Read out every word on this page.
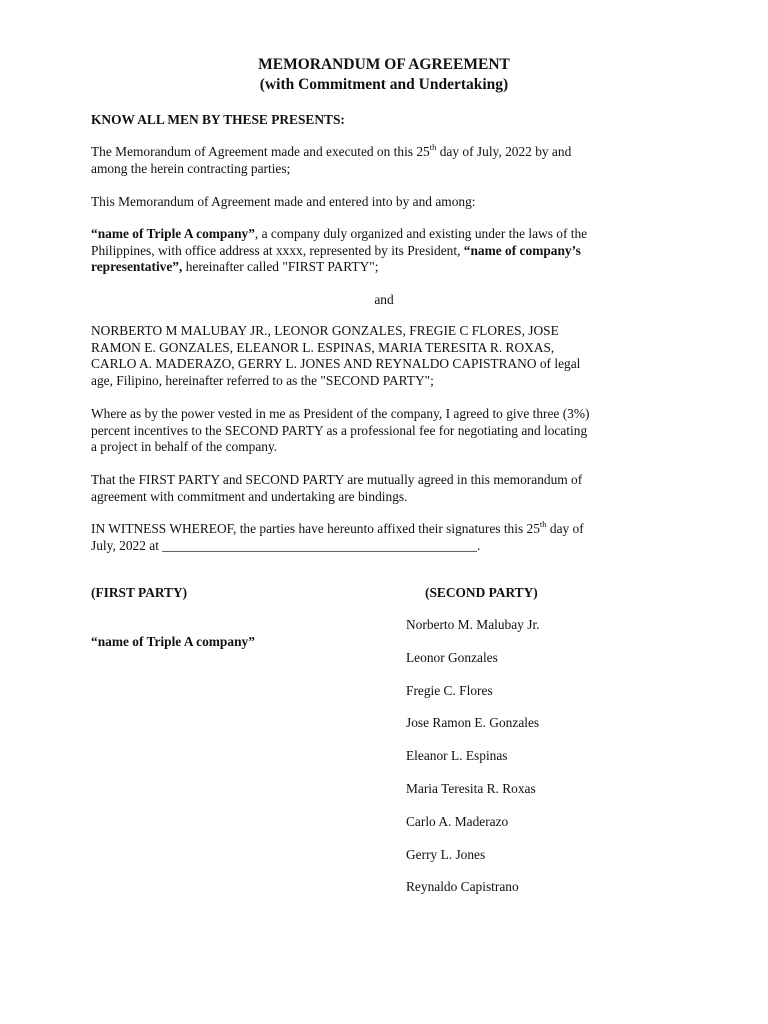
MEMORANDUM OF AGREEMENT
(with Commitment and Undertaking)
KNOW ALL MEN BY THESE PRESENTS:
The Memorandum of Agreement made and executed on this 25th day of July, 2022 by and
among the herein contracting parties;
This Memorandum of Agreement made and entered into by and among:
“name of Triple A company”, a company duly organized and existing under the laws of the
Philippines, with office address at xxxx, represented by its President, “name of company’s
representative”, hereinafter called "FIRST PARTY";
and
NORBERTO M MALUBAY JR., LEONOR GONZALES, FREGIE C FLORES, JOSE
RAMON E. GONZALES, ELEANOR L. ESPINAS, MARIA TERESITA R. ROXAS,
CARLO A. MADERAZO, GERRY L. JONES AND REYNALDO CAPISTRANO of legal
age, Filipino, hereinafter referred to as the "SECOND PARTY";
Where as by the power vested in me as President of the company, I agreed to give three (3%)
percent incentives to the SECOND PARTY as a professional fee for negotiating and locating
a project in behalf of the company.
That the FIRST PARTY and SECOND PARTY are mutually agreed in this memorandum of
agreement with commitment and undertaking are bindings.
IN WITNESS WHEREOF, the parties have hereunto affixed their signatures this 25th day of
July, 2022 at _______________________________________________.
(FIRST PARTY)	(SECOND PARTY)
“name of Triple A company”
Norberto M. Malubay Jr.
Leonor Gonzales
Fregie C. Flores
Jose Ramon E. Gonzales
Eleanor L. Espinas
Maria Teresita R. Roxas
Carlo A. Maderazo
Gerry L. Jones
Reynaldo Capistrano
